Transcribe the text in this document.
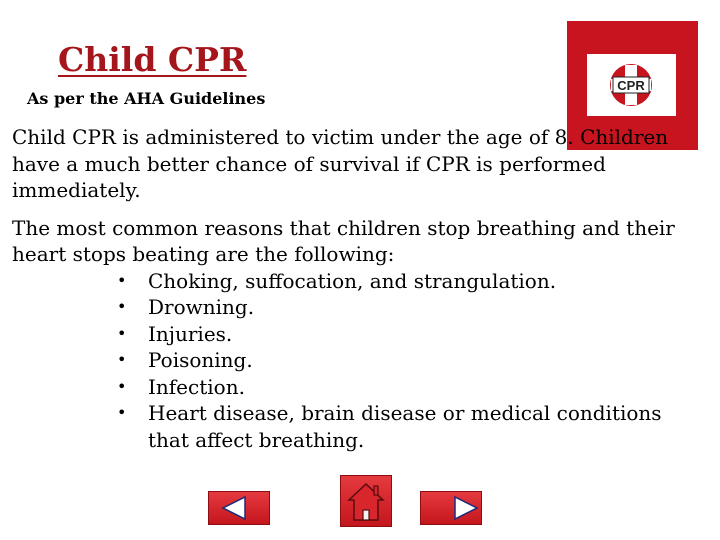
Child CPR
As per the AHA Guidelines
CPR

Child CPR is administered to victim under the age of 8. Children have a much better chance of survival if CPR is performed immediately.

The most common reasons that children stop breathing and their heart stops beating are the following:

• Choking, suffocation, and strangulation.
• Drowning.
• Injuries.
• Poisoning.
• Infection.
• Heart disease, brain disease or medical conditions that affect breathing.
